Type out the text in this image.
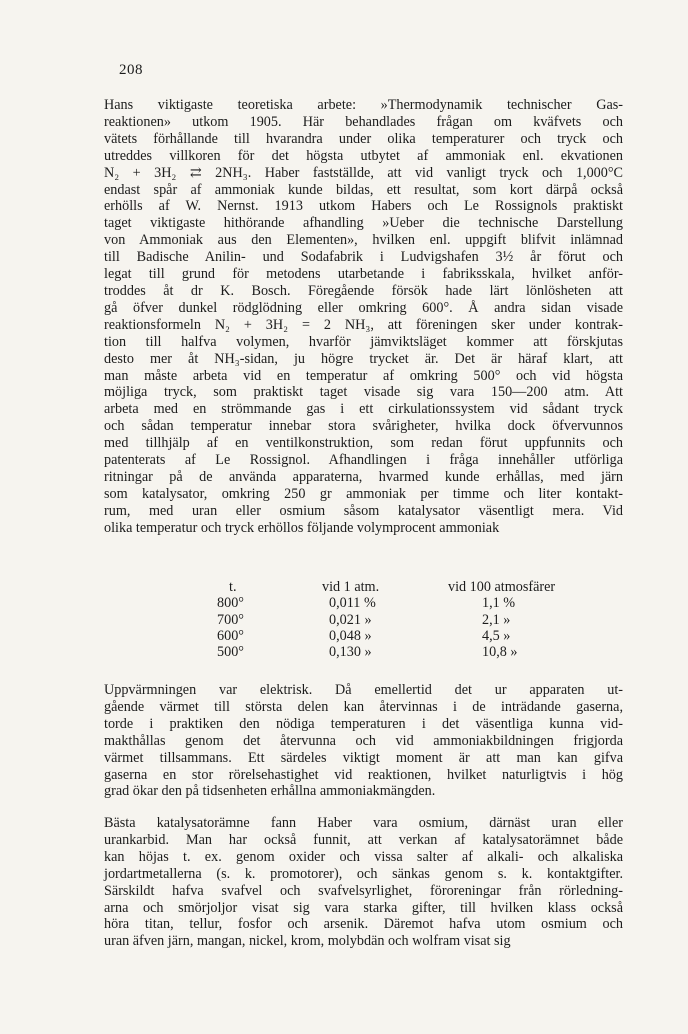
208
Hans viktigaste teoretiska arbete: »Thermodynamik technischer Gas-
reaktionen» utkom 1905. Här behandlades frågan om kväfvets och
vätets förhållande till hvarandra under olika temperaturer och tryck och
utreddes villkoren för det högsta utbytet af ammoniak enl. ekvationen
N₂ + 3H₂ ⇄ 2NH₃. Haber fastställde, att vid vanligt tryck och 1,000°C
endast spår af ammoniak kunde bildas, ett resultat, som kort därpå också
erhölls af W. Nernst. 1913 utkom Habers och Le Rossignols praktiskt
taget viktigaste hithörande afhandling »Ueber die technische Darstellung
von Ammoniak aus den Elementen», hvilken enl. uppgift blifvit inlämnad
till Badische Anilin- und Sodafabrik i Ludvigshafen 3½ år förut och
legat till grund för metodens utarbetande i fabriksskala, hvilket anför-
troddes åt dr K. Bosch. Föregående försök hade lärt lönlösheten att
gå öfver dunkel rödglödning eller omkring 600°. Å andra sidan visade
reaktionsformeln N₂ + 3H₂ = 2 NH₃, att föreningen sker under kontrak-
tion till halfva volymen, hvarför jämviktsläget kommer att förskjutas
desto mer åt NH₃-sidan, ju högre trycket är. Det är häraf klart, att
man måste arbeta vid en temperatur af omkring 500° och vid högsta
möjliga tryck, som praktiskt taget visade sig vara 150—200 atm. Att
arbeta med en strömmande gas i ett cirkulationssystem vid sådant tryck
och sådan temperatur innebar stora svårigheter, hvilka dock öfvervunnos
med tillhjälp af en ventilkonstruktion, som redan förut uppfunnits och
patenterats af Le Rossignol. Afhandlingen i fråga innehåller utförliga
ritningar på de använda apparaterna, hvarmed kunde erhållas, med järn
som katalysator, omkring 250 gr ammoniak per timme och liter kontakt-
rum, med uran eller osmium såsom katalysator väsentligt mera. Vid
olika temperatur och tryck erhöllos följande volymprocent ammoniak
t.	vid 1 atm.	vid 100 atmosfärer
800°	0,011 %	1,1 %
700°	0,021 »	2,1 »
600°	0,048 »	4,5 »
500°	0,130 »	10,8 »
Uppvärmningen var elektrisk. Då emellertid det ur apparaten ut-
gående värmet till största delen kan återvinnas i de inträdande gaserna,
torde i praktiken den nödiga temperaturen i det väsentliga kunna vid-
makthållas genom det återvunna och vid ammoniakbildningen frigjorda
värmet tillsammans. Ett särdeles viktigt moment är att man kan gifva
gaserna en stor rörelsehastighet vid reaktionen, hvilket naturligtvis i hög
grad ökar den på tidsenheten erhållna ammoniakmängden.
Bästa katalysatorämne fann Haber vara osmium, därnäst uran eller
urankarbid. Man har också funnit, att verkan af katalysatorämnet både
kan höjas t. ex. genom oxider och vissa salter af alkali- och alkaliska
jordartmetallerna (s. k. promotorer), och sänkas genom s. k. kontaktgifter.
Särskildt hafva svafvel och svafvelsyrlighet, föroreningar från rörledning-
arna och smörjoljor visat sig vara starka gifter, till hvilken klass också
höra titan, tellur, fosfor och arsenik. Däremot hafva utom osmium och
uran äfven järn, mangan, nickel, krom, molybdän och wolfram visat sig
